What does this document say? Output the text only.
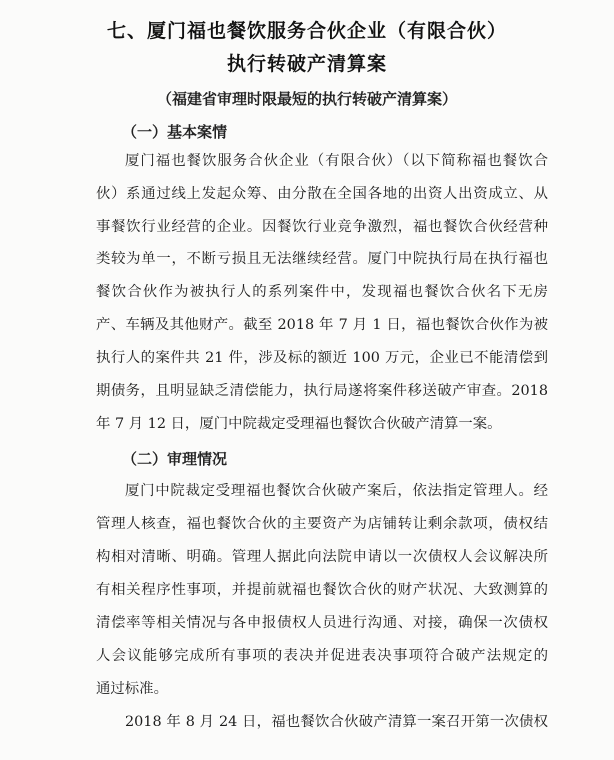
七、厦门福也餐饮服务合伙企业（有限合伙）
执行转破产清算案
（福建省审理时限最短的执行转破产清算案）
（一）基本案情
厦门福也餐饮服务合伙企业（有限合伙）（以下简称福也餐饮合
伙）系通过线上发起众筹、由分散在全国各地的出资人出资成立、从
事餐饮行业经营的企业。因餐饮行业竞争激烈，福也餐饮合伙经营种
类较为单一，不断亏损且无法继续经营。厦门中院执行局在执行福也
餐饮合伙作为被执行人的系列案件中，发现福也餐饮合伙名下无房
产、车辆及其他财产。截至 2018 年 7 月 1 日，福也餐饮合伙作为被
执行人的案件共 21 件，涉及标的额近 100 万元，企业已不能清偿到
期债务，且明显缺乏清偿能力，执行局遂将案件移送破产审查。2018
年 7 月 12 日，厦门中院裁定受理福也餐饮合伙破产清算一案。
（二）审理情况
厦门中院裁定受理福也餐饮合伙破产案后，依法指定管理人。经
管理人核查，福也餐饮合伙的主要资产为店铺转让剩余款项，债权结
构相对清晰、明确。管理人据此向法院申请以一次债权人会议解决所
有相关程序性事项，并提前就福也餐饮合伙的财产状况、大致测算的
清偿率等相关情况与各申报债权人员进行沟通、对接，确保一次债权
人会议能够完成所有事项的表决并促进表决事项符合破产法规定的
通过标准。
2018 年 8 月 24 日，福也餐饮合伙破产清算一案召开第一次债权
